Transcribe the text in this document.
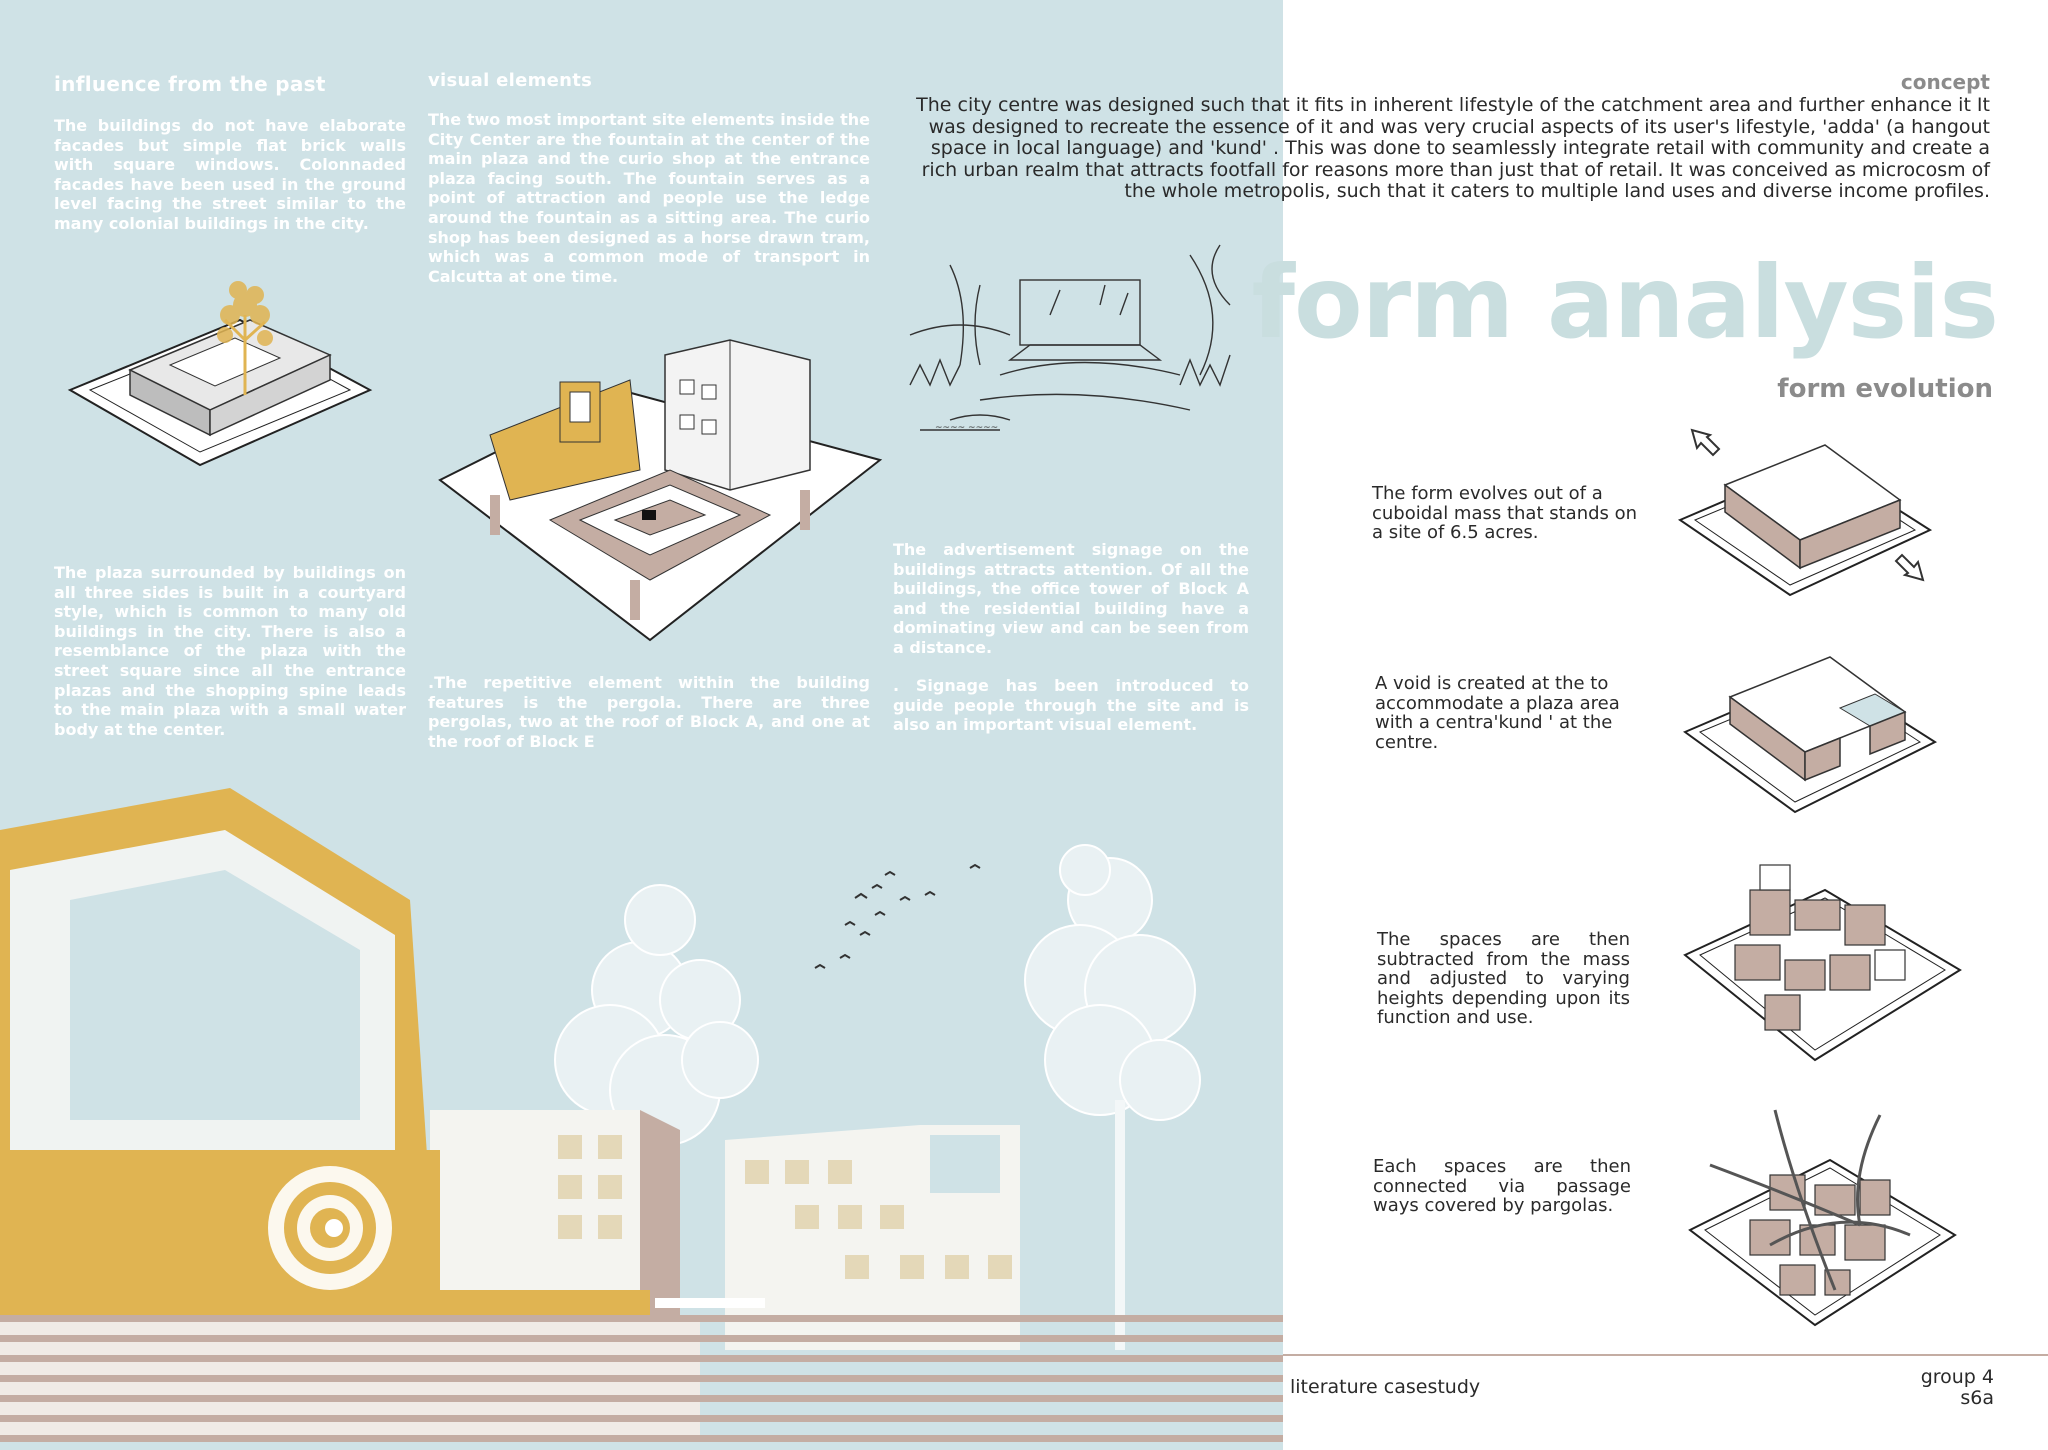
~~~~ ~~~~
influence from the past
The buildings do not have elaborate facades but simple flat brick walls with square windows. Colonnaded facades have been used in the ground level facing the street similar to the many colonial buildings in the city.
The plaza surrounded by buildings on all three sides is built in a courtyard style, which is common to many old buildings in the city. There is also a resemblance of the plaza with the street square since all the entrance plazas and the shopping spine leads to the main plaza with a small water body at the center.
visual elements
The two most important site elements inside the City Center are the fountain at the center of the main plaza and the curio shop at the entrance plaza facing south. The fountain serves as a point of attraction and people use the ledge around the fountain as a sitting area. The curio shop has been designed as a horse drawn tram, which was a common mode of transport in Calcutta at one time.
.The repetitive element within the building features is the pergola. There are three pergolas, two at the roof of Block A, and one at the roof of Block E
The advertisement signage on the buildings attracts attention. Of all the buildings, the office tower of Block A and the residential building have a dominating view and can be seen from a distance.
. Signage has been introduced to guide people through the site and is also an important visual element.
concept
The city centre was designed such that it fits in inherent lifestyle of the catchment area and further enhance it It was designed to recreate the essence of it and was very crucial aspects of its user's lifestyle, 'adda' (a hangout space in local language) and 'kund' . This was done to seamlessly integrate retail with community and create a rich urban realm that attracts footfall for reasons more than just that of retail. It was conceived as microcosm of the whole metropolis, such that it caters to multiple land uses and diverse income profiles.
form analysis
form evolution
The form evolves out of a cuboidal mass that stands on
a site of 6.5 acres.
A void is created at the to accommodate a plaza area
with a centra'kund ' at the
centre.
The spaces are then subtracted from the mass and adjusted to varying heights depending upon its function and use.
Each spaces are then connected via passage ways covered by pargolas.
literature casestudy	group 4
s6a
